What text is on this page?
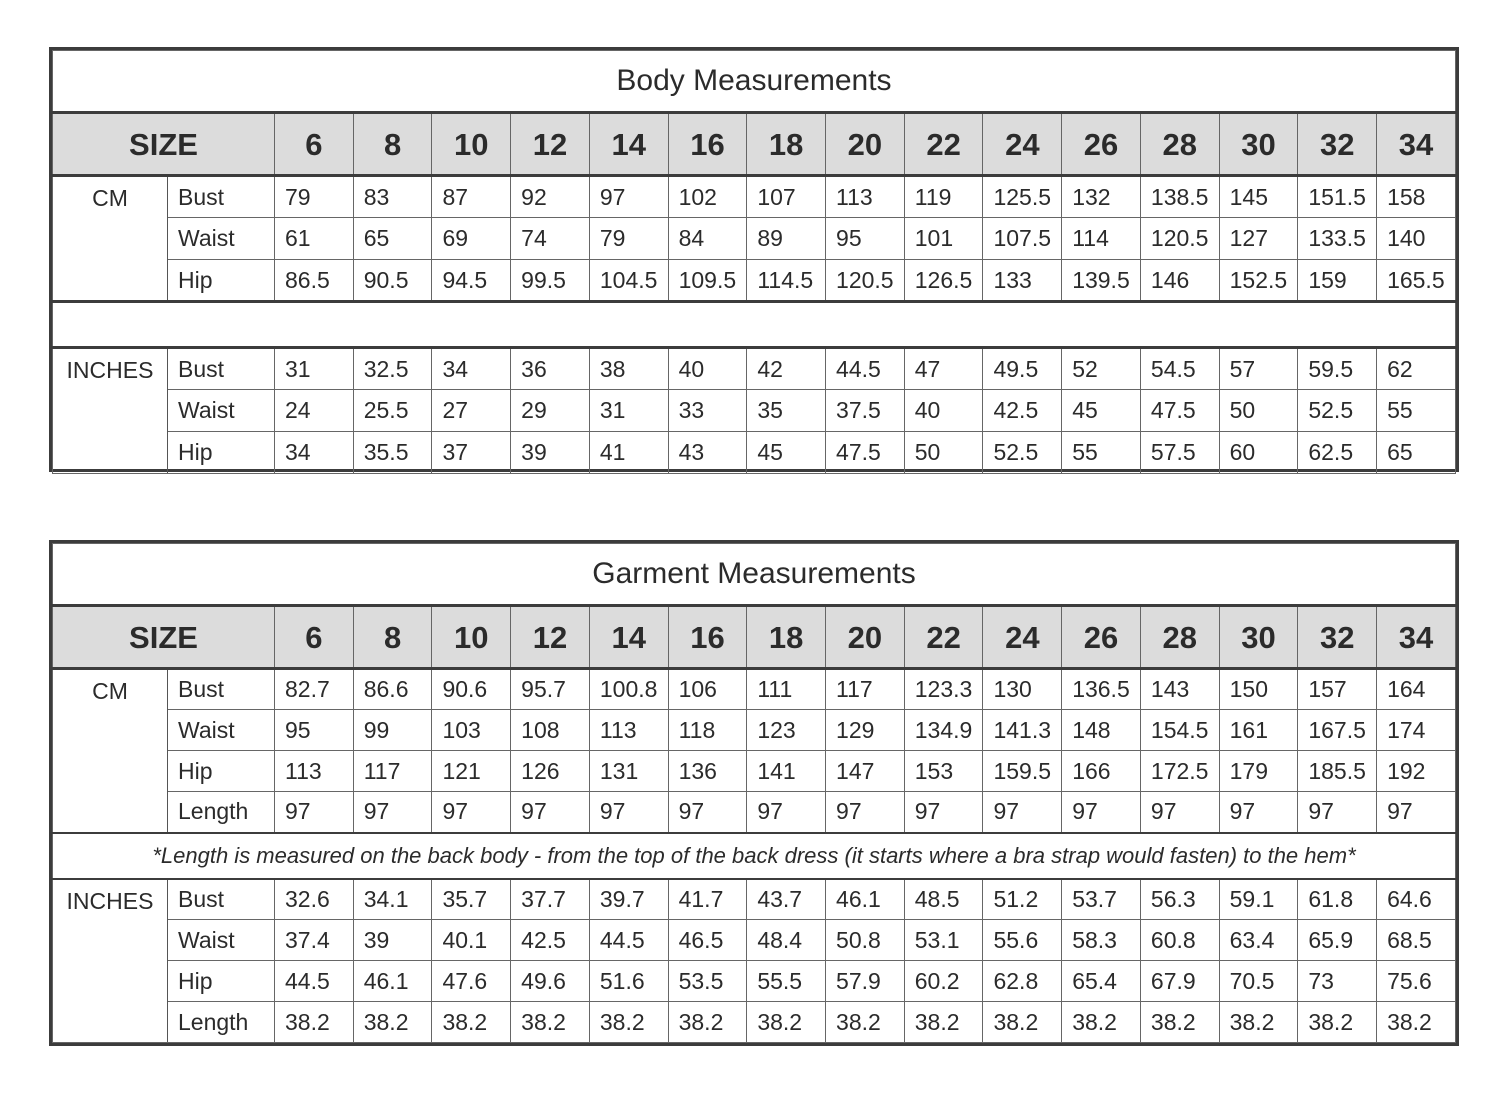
Body Measurements																
SIZE		6	8	10	12	14	16	18	20	22	24	26	28	30	32	34
CM	Bust	79	83	87	92	97	102	107	113	119	125.5	132	138.5	145	151.5	158
	Waist	61	65	69	74	79	84	89	95	101	107.5	114	120.5	127	133.5	140
	Hip	86.5	90.5	94.5	99.5	104.5	109.5	114.5	120.5	126.5	133	139.5	146	152.5	159	165.5

INCHES	Bust	31	32.5	34	36	38	40	42	44.5	47	49.5	52	54.5	57	59.5	62
	Waist	24	25.5	27	29	31	33	35	37.5	40	42.5	45	47.5	50	52.5	55
	Hip	34	35.5	37	39	41	43	45	47.5	50	52.5	55	57.5	60	62.5	65
Garment Measurements																
SIZE		6	8	10	12	14	16	18	20	22	24	26	28	30	32	34
CM	Bust	82.7	86.6	90.6	95.7	100.8	106	111	117	123.3	130	136.5	143	150	157	164
	Waist	95	99	103	108	113	118	123	129	134.9	141.3	148	154.5	161	167.5	174
	Hip	113	117	121	126	131	136	141	147	153	159.5	166	172.5	179	185.5	192
	Length	97	97	97	97	97	97	97	97	97	97	97	97	97	97	97
*Length is measured on the back body - from the top of the back dress (it starts where a bra strap would fasten) to the hem*																
INCHES	Bust	32.6	34.1	35.7	37.7	39.7	41.7	43.7	46.1	48.5	51.2	53.7	56.3	59.1	61.8	64.6
	Waist	37.4	39	40.1	42.5	44.5	46.5	48.4	50.8	53.1	55.6	58.3	60.8	63.4	65.9	68.5
	Hip	44.5	46.1	47.6	49.6	51.6	53.5	55.5	57.9	60.2	62.8	65.4	67.9	70.5	73	75.6
	Length	38.2	38.2	38.2	38.2	38.2	38.2	38.2	38.2	38.2	38.2	38.2	38.2	38.2	38.2	38.2
